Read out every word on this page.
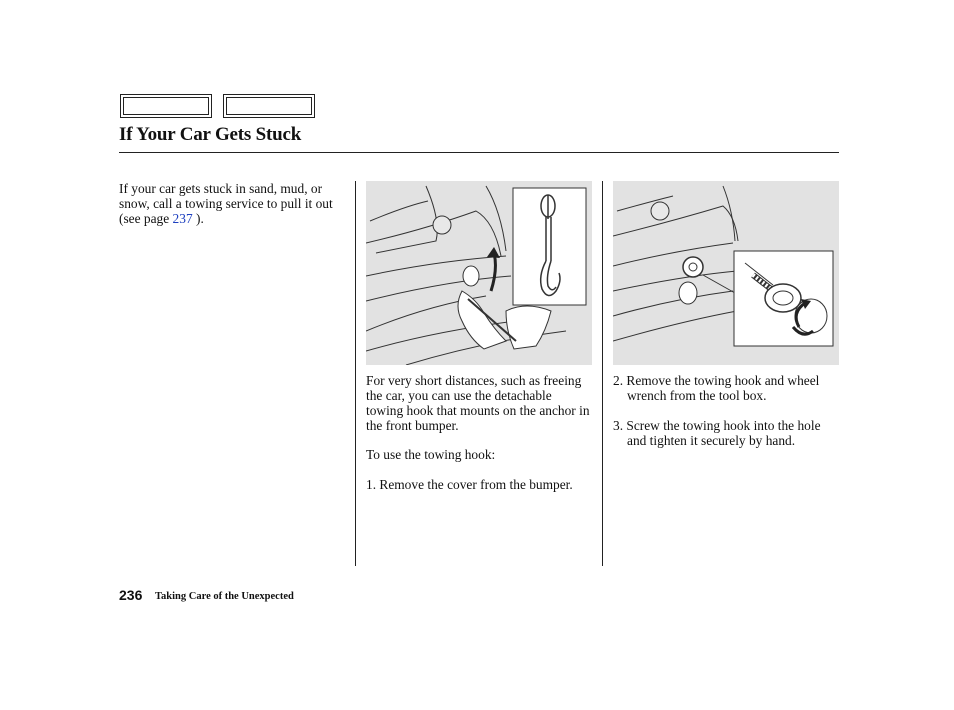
If Your Car Gets Stuck
If your car gets stuck in sand, mud, or snow, call a towing service to pull it out (see page 237 ).

For very short distances, such as freeing the car, you can use the detachable towing hook that mounts on the anchor in the front bumper.

To use the towing hook:

1. Remove the cover from the bumper.

2. Remove the towing hook and wheel wrench from the tool box.

3. Screw the towing hook into the hole and tighten it securely by hand.

236 Taking Care of the Unexpected
